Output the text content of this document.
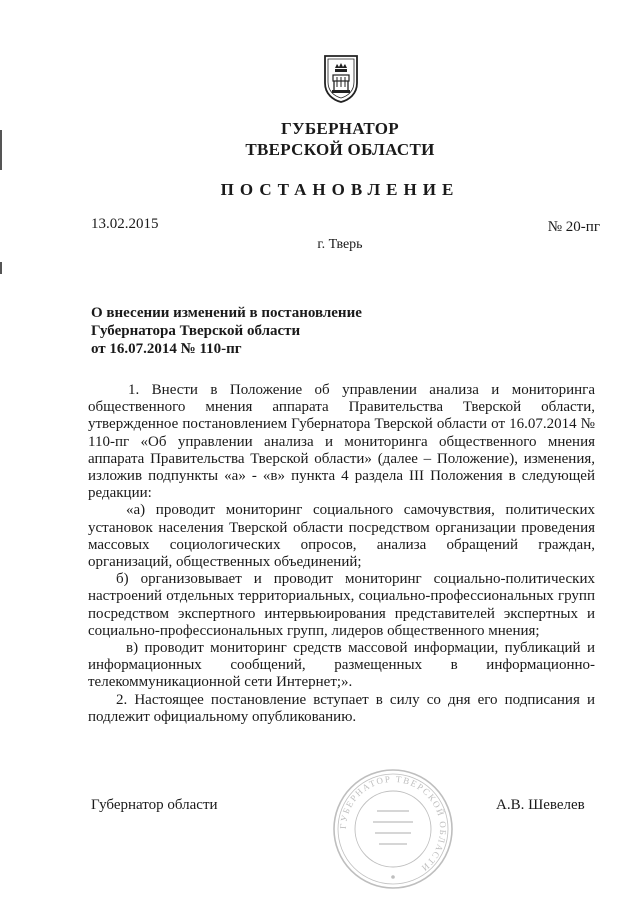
ГУБЕРНАТОР
ТВЕРСКОЙ ОБЛАСТИ
ПОСТАНОВЛЕНИЕ
13.02.2015	№ 20-пг
г. Тверь
О внесении изменений в постановление
Губернатора Тверской области
от 16.07.2014 № 110-пг

1. Внести в Положение об управлении анализа и мониторинга общественного мнения аппарата Правительства Тверской области, утвержденное постановлением Губернатора Тверской области от 16.07.2014 № 110-пг «Об управлении анализа и мониторинга общественного мнения аппарата Правительства Тверской области» (далее – Положение), изменения, изложив подпункты «а» - «в» пункта 4 раздела III Положения в следующей редакции:

«а) проводит мониторинг социального самочувствия, политических установок населения Тверской области посредством организации проведения массовых социологических опросов, анализа обращений граждан, организаций, общественных объединений;

б) организовывает и проводит мониторинг социально-политических настроений отдельных территориальных, социально-профессиональных групп посредством экспертного интервьюирования представителей экспертных и социально-профессиональных групп, лидеров общественного мнения;

в) проводит мониторинг средств массовой информации, публикаций и информационных сообщений, размещенных в информационно-телекоммуникационной сети Интернет;».

2. Настоящее постановление вступает в силу со дня его подписания и подлежит официальному опубликованию.

Губернатор области	А.В. Шевелев
ГУБЕРНАТОР ТВЕРСКОЙ ОБЛАСТИ
